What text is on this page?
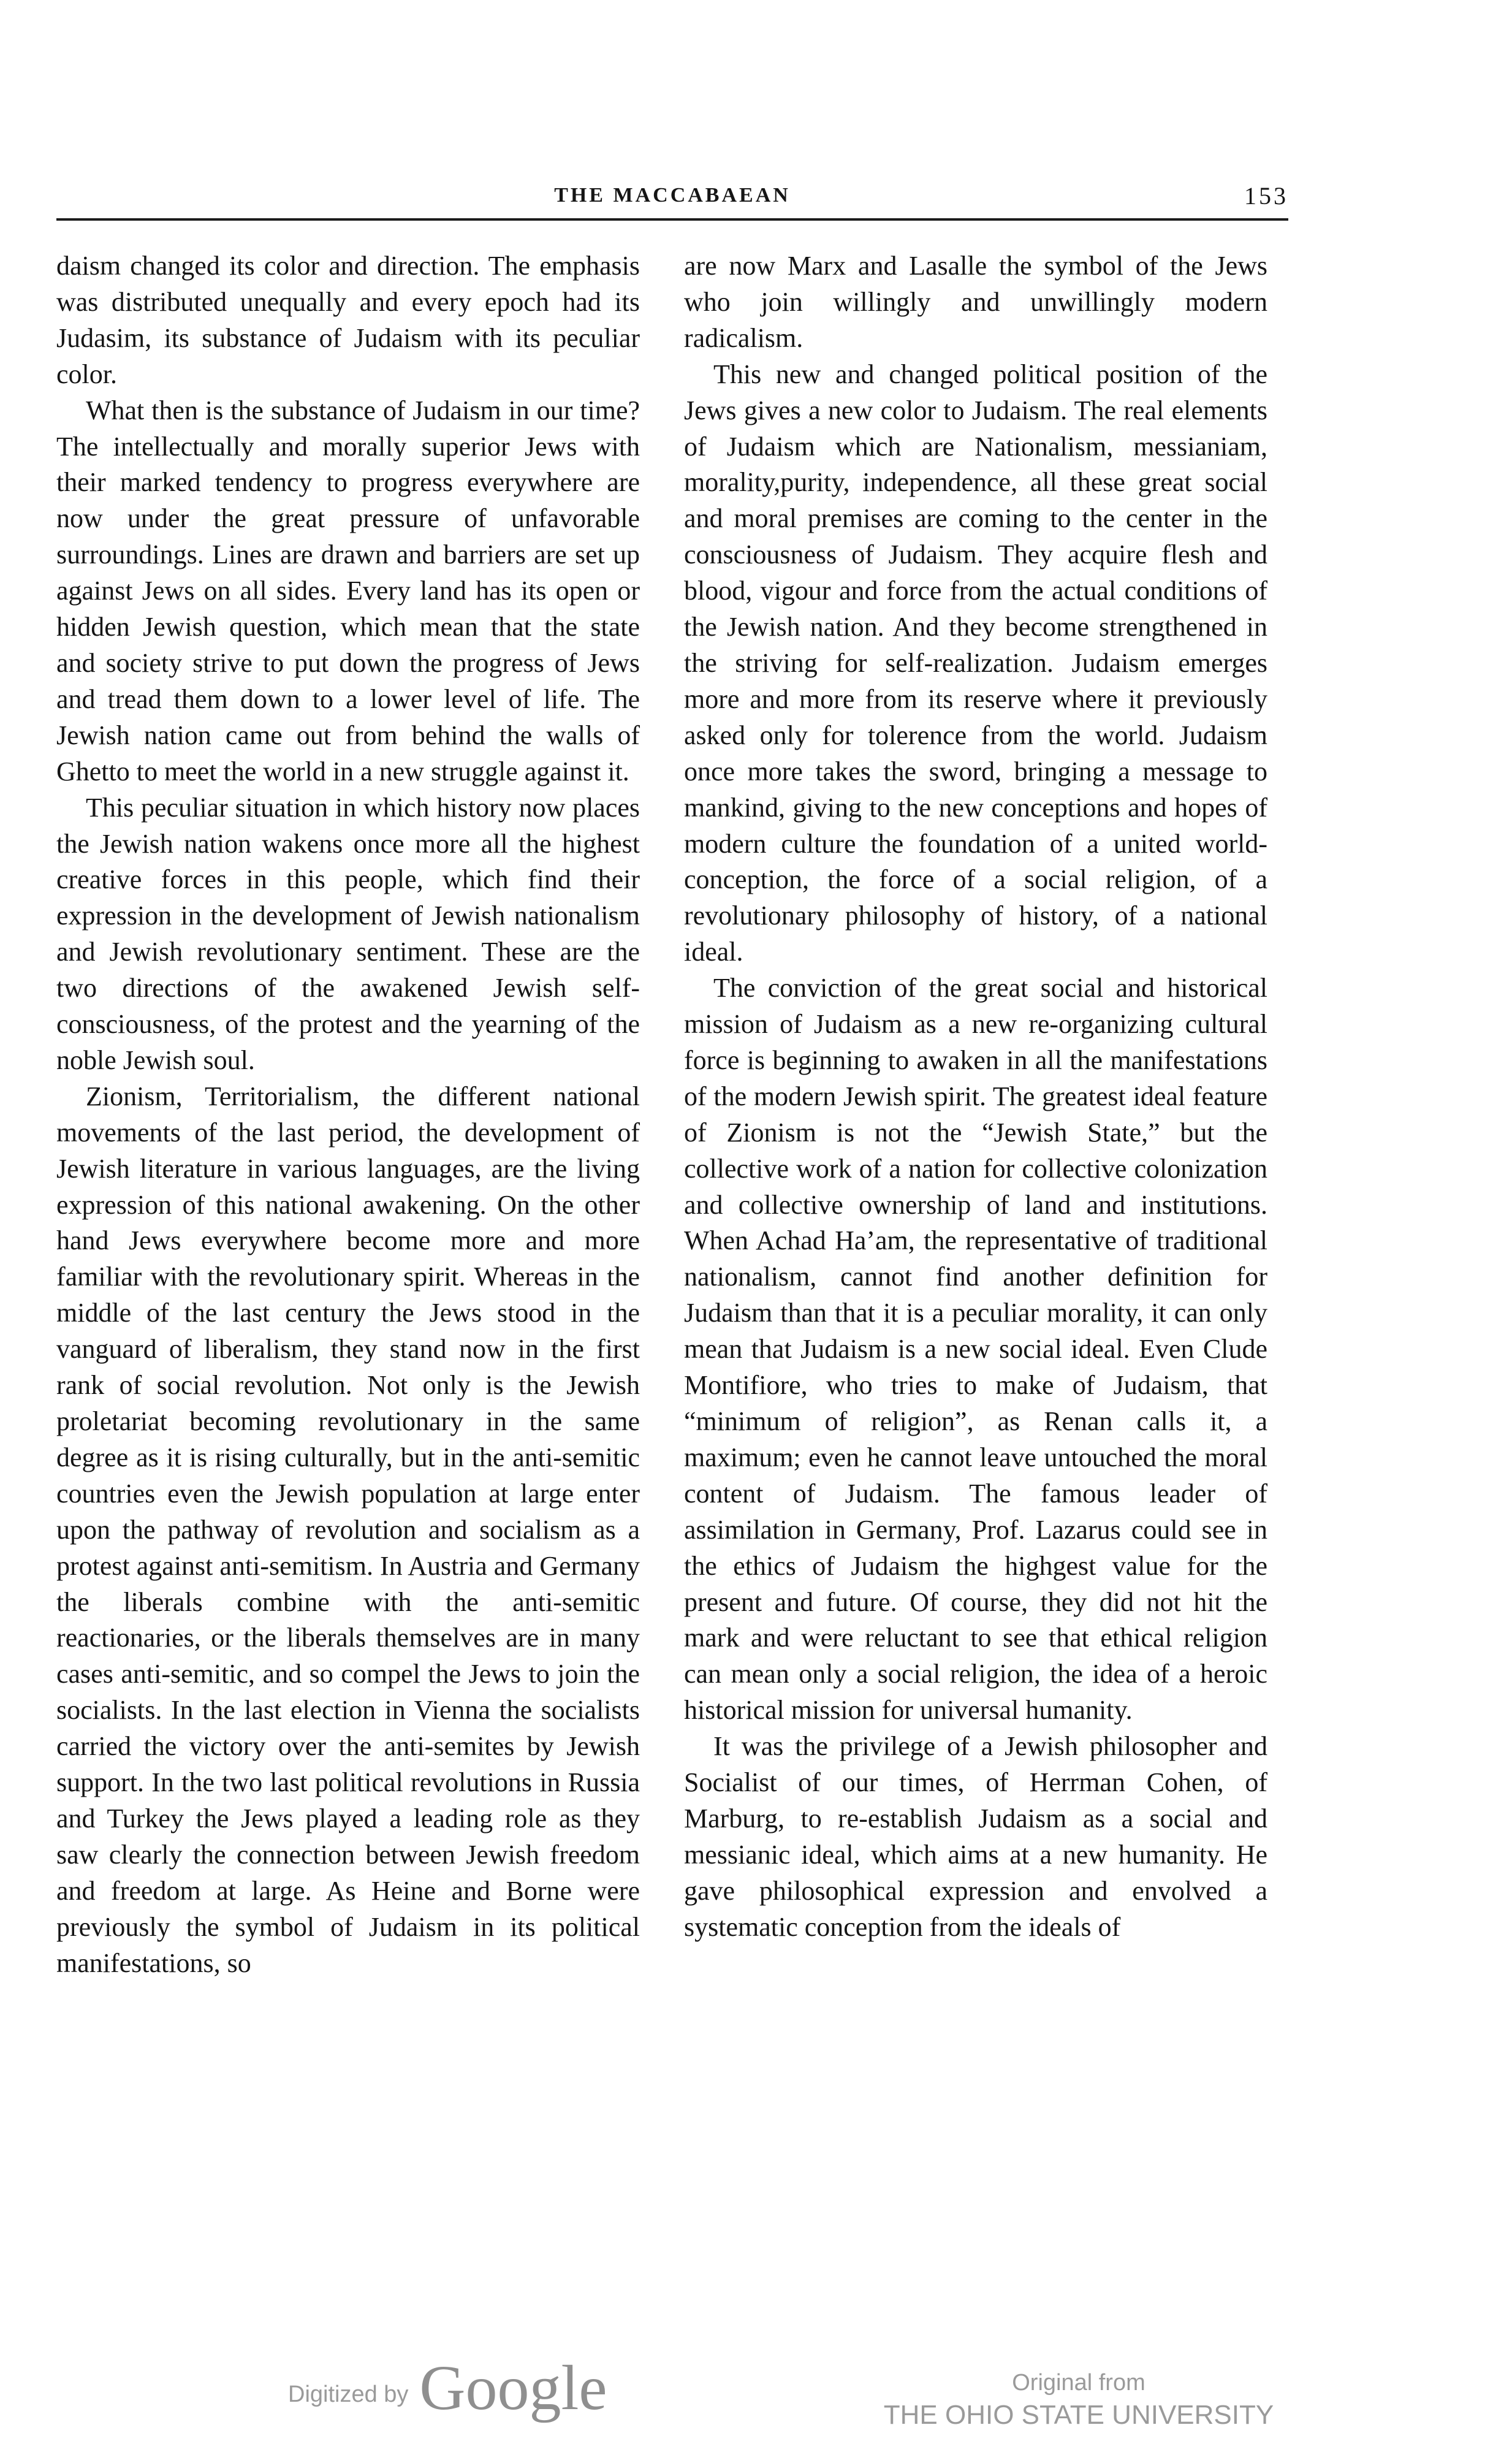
THE MACCABAEAN	153

daism changed its color and direction. The emphasis was distributed unequally and every epoch had its Judasim, its substance of Judaism with its peculiar color.

What then is the substance of Judaism in our time? The intellectually and morally superior Jews with their marked tendency to progress everywhere are now under the great pressure of unfavorable surroundings. Lines are drawn and barriers are set up against Jews on all sides. Every land has its open or hidden Jewish question, which mean that the state and society strive to put down the progress of Jews and tread them down to a lower level of life. The Jewish nation came out from behind the walls of Ghetto to meet the world in a new struggle against it.

This peculiar situation in which history now places the Jewish nation wakens once more all the highest creative forces in this people, which find their expression in the development of Jewish nationalism and Jewish revolutionary sentiment. These are the two directions of the awakened Jewish self-consciousness, of the protest and the yearning of the noble Jewish soul.

Zionism, Territorialism, the different national movements of the last period, the development of Jewish literature in various languages, are the living expression of this national awakening. On the other hand Jews everywhere become more and more familiar with the revolutionary spirit. Whereas in the middle of the last century the Jews stood in the vanguard of liberalism, they stand now in the first rank of social revolution. Not only is the Jewish proletariat becoming revolutionary in the same degree as it is rising culturally, but in the anti-semitic countries even the Jewish population at large enter upon the pathway of revolution and socialism as a protest against anti-semitism. In Austria and Germany the liberals combine with the anti-semitic reactionaries, or the liberals themselves are in many cases anti-semitic, and so compel the Jews to join the socialists. In the last election in Vienna the socialists carried the victory over the anti-semites by Jewish support. In the two last political revolutions in Russia and Turkey the Jews played a leading role as they saw clearly the connection between Jewish freedom and freedom at large. As Heine and Borne were previously the symbol of Judaism in its political manifestations, so

are now Marx and Lasalle the symbol of the Jews who join willingly and unwillingly modern radicalism.

This new and changed political position of the Jews gives a new color to Judaism. The real elements of Judaism which are Nationalism, messianiam, morality,purity, independence, all these great social and moral premises are coming to the center in the consciousness of Judaism. They acquire flesh and blood, vigour and force from the actual conditions of the Jewish nation. And they become strengthened in the striving for self-realization. Judaism emerges more and more from its reserve where it previously asked only for tolerence from the world. Judaism once more takes the sword, bringing a message to mankind, giving to the new conceptions and hopes of modern culture the foundation of a united world-conception, the force of a social religion, of a revolutionary philosophy of history, of a national ideal.

The conviction of the great social and historical mission of Judaism as a new re-organizing cultural force is beginning to awaken in all the manifestations of the modern Jewish spirit. The greatest ideal feature of Zionism is not the “Jewish State,” but the collective work of a nation for collective colonization and collective ownership of land and institutions. When Achad Ha’am, the representative of traditional nationalism, cannot find another definition for Judaism than that it is a peculiar morality, it can only mean that Judaism is a new social ideal. Even Clude Montifiore, who tries to make of Judaism, that “minimum of religion”, as Renan calls it, a maximum; even he cannot leave untouched the moral content of Judaism. The famous leader of assimilation in Germany, Prof. Lazarus could see in the ethics of Judaism the highgest value for the present and future. Of course, they did not hit the mark and were reluctant to see that ethical religion can mean only a social religion, the idea of a heroic historical mission for universal humanity.

It was the privilege of a Jewish philosopher and Socialist of our times, of Herrman Cohen, of Marburg, to re-establish Judaism as a social and messianic ideal, which aims at a new humanity. He gave philosophical expression and envolved a systematic conception from the ideals of

Digitized by Google	Original from
THE OHIO STATE UNIVERSITY
